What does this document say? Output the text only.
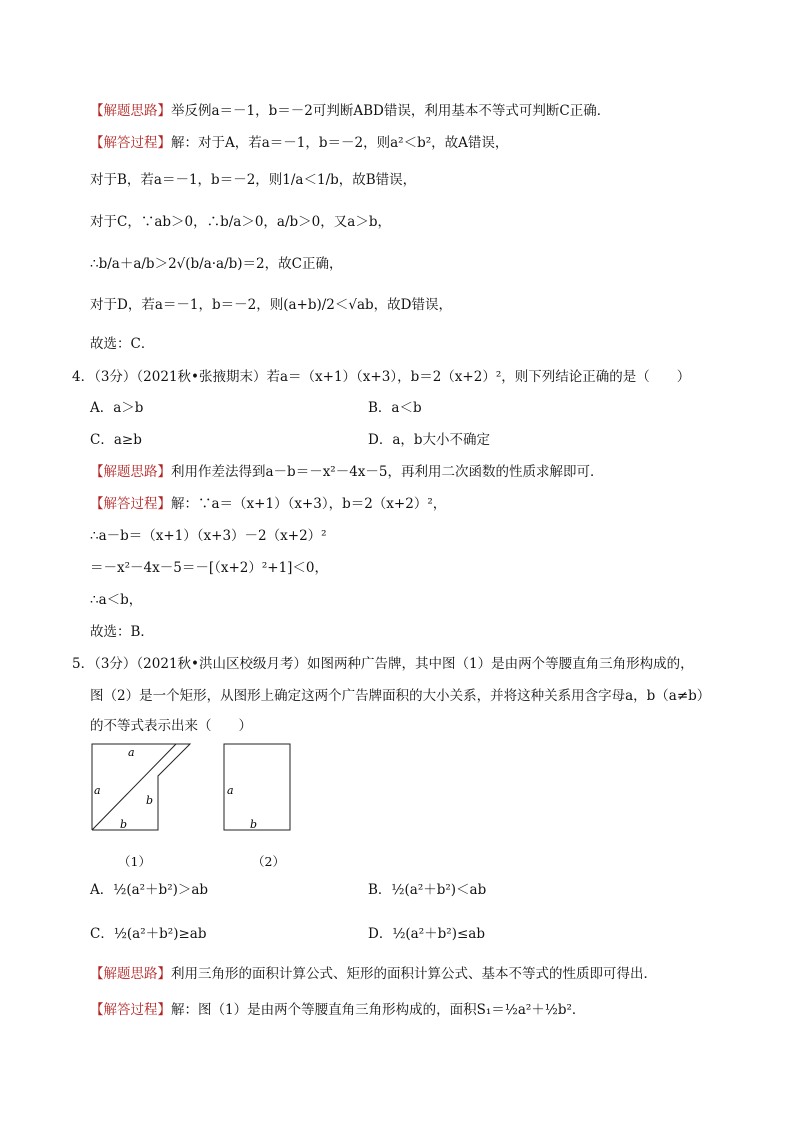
【解题思路】举反例a＝－1，b＝－2可判断ABD错误，利用基本不等式可判断C正确．
【解答过程】解：对于A，若a＝－1，b＝－2，则a²＜b²，故A错误，
对于B，若a＝－1，b＝－2，则1/a＜1/b，故B错误，
对于C，∵ab＞0，∴b/a＞0，a/b＞0，又a＞b，
∴b/a＋a/b＞2√(b/a·a/b)＝2，故C正确，
对于D，若a＝－1，b＝－2，则(a+b)/2＜√ab，故D错误，
故选：C．
4．（3分）（2021秋•张掖期末）若a＝（x+1）（x+3），b＝2（x+2）²，则下列结论正确的是（　　）
A．a＞b	B．a＜b
C．a≥b	D．a，b大小不确定
【解题思路】利用作差法得到a－b＝－x²－4x－5，再利用二次函数的性质求解即可．
【解答过程】解：∵a＝（x+1）（x+3），b＝2（x+2）²，
∴a－b＝（x+1）（x+3）－2（x+2）²
＝－x²－4x－5＝－[（x+2）²+1]＜0，
∴a＜b，
故选：B．
5．（3分）（2021秋•洪山区校级月考）如图两种广告牌，其中图（1）是由两个等腰直角三角形构成的，
图（2）是一个矩形，从图形上确定这两个广告牌面积的大小关系，并将这种关系用含字母a，b（a≠b）
的不等式表示出来（　　）
a
a
b
b
a
b
（1）	（2）
A．½(a²＋b²)＞ab	B．½(a²＋b²)＜ab
C．½(a²＋b²)≥ab	D．½(a²＋b²)≤ab
【解题思路】利用三角形的面积计算公式、矩形的面积计算公式、基本不等式的性质即可得出．
【解答过程】解：图（1）是由两个等腰直角三角形构成的，面积S₁＝½a²＋½b²．
